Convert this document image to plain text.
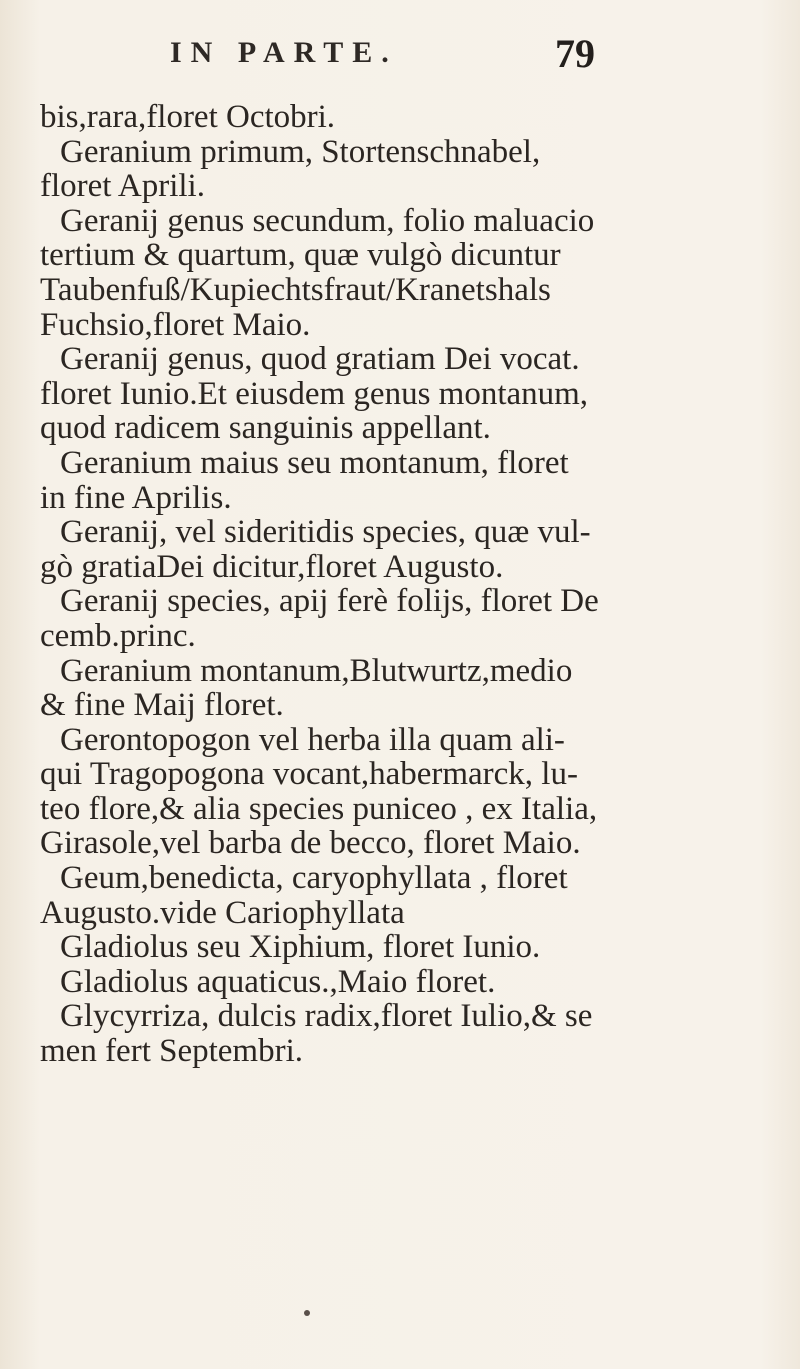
IN PARTE.	79
bis,rara,floret Octobri.
Geranium primum, Stortenschnabel,
floret Aprili.
Geranij genus secundum, folio maluacio
tertium & quartum, quæ vulgò dicuntur
Taubenfuß/Kupiechtsfraut/Kranetshals
Fuchsio,floret Maio.
Geranij genus, quod gratiam Dei vocat.
floret Iunio.Et eiusdem genus montanum,
quod radicem sanguinis appellant.
Geranium maius seu montanum, floret
in fine Aprilis.
Geranij, vel sideritidis species, quæ vul-
gò gratiaDei dicitur,floret Augusto.
Geranij species, apij ferè folijs, floret De
cemb.princ.
Geranium montanum,Blutwurtz,medio
& fine Maij floret.
Gerontopogon vel herba illa quam ali-
qui Tragopogona vocant,habermarck, lu-
teo flore,& alia species puniceo , ex Italia,
Girasole,vel barba de becco, floret Maio.
Geum,benedicta, caryophyllata , floret
Augusto.vide Cariophyllata
Gladiolus seu Xiphium, floret Iunio.
Gladiolus aquaticus.,Maio floret.
Glycyrriza, dulcis radix,floret Iulio,& se
men fert Septembri.
